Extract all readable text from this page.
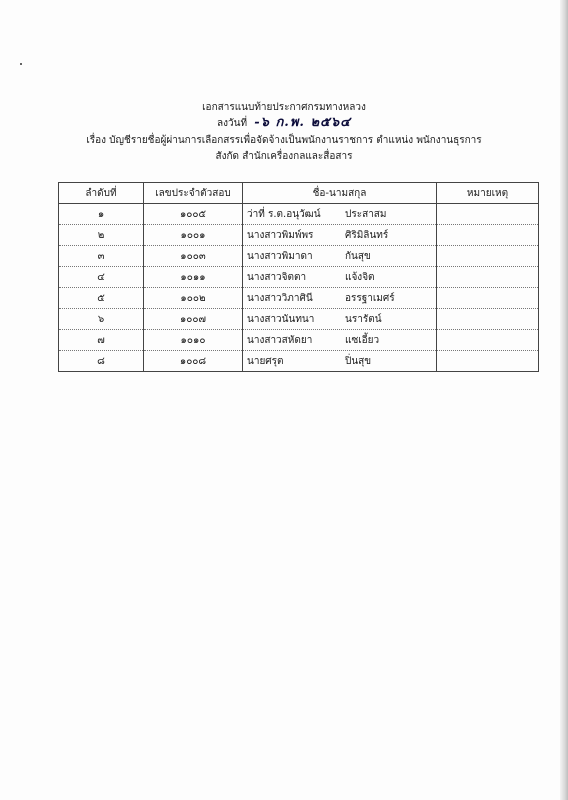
เอกสารแนบท้ายประกาศกรมทางหลวง
ลงวันที่ -๖ ก.พ. ๒๕๖๔
เรื่อง บัญชีรายชื่อผู้ผ่านการเลือกสรรเพื่อจัดจ้างเป็นพนักงานราชการ ตำแหน่ง พนักงานธุรการ
สังกัด สำนักเครื่องกลและสื่อสาร
ลำดับที่	เลขประจำตัวสอบ	ชื่อ-นามสกุล	หมายเหตุ
๑	๑๐๐๕	ว่าที่ ร.ต.อนุวัฒน์ ประสาสม	
๒	๑๐๐๑	นางสาวพิมพ์พร ศิริมิลินทร์	
๓	๑๐๐๓	นางสาวพิมาดา กันสุข	
๔	๑๐๑๑	นางสาวจิตตา แจ้งจิต	
๕	๑๐๐๒	นางสาววิภาศินี อรรฐาเมศร์	
๖	๑๐๐๗	นางสาวนันทนา นรารัตน์	
๗	๑๐๑๐	นางสาวสหัดยา แซเอี้ยว	
๘	๑๐๐๘	นายศรุต ปิ่นสุข	
